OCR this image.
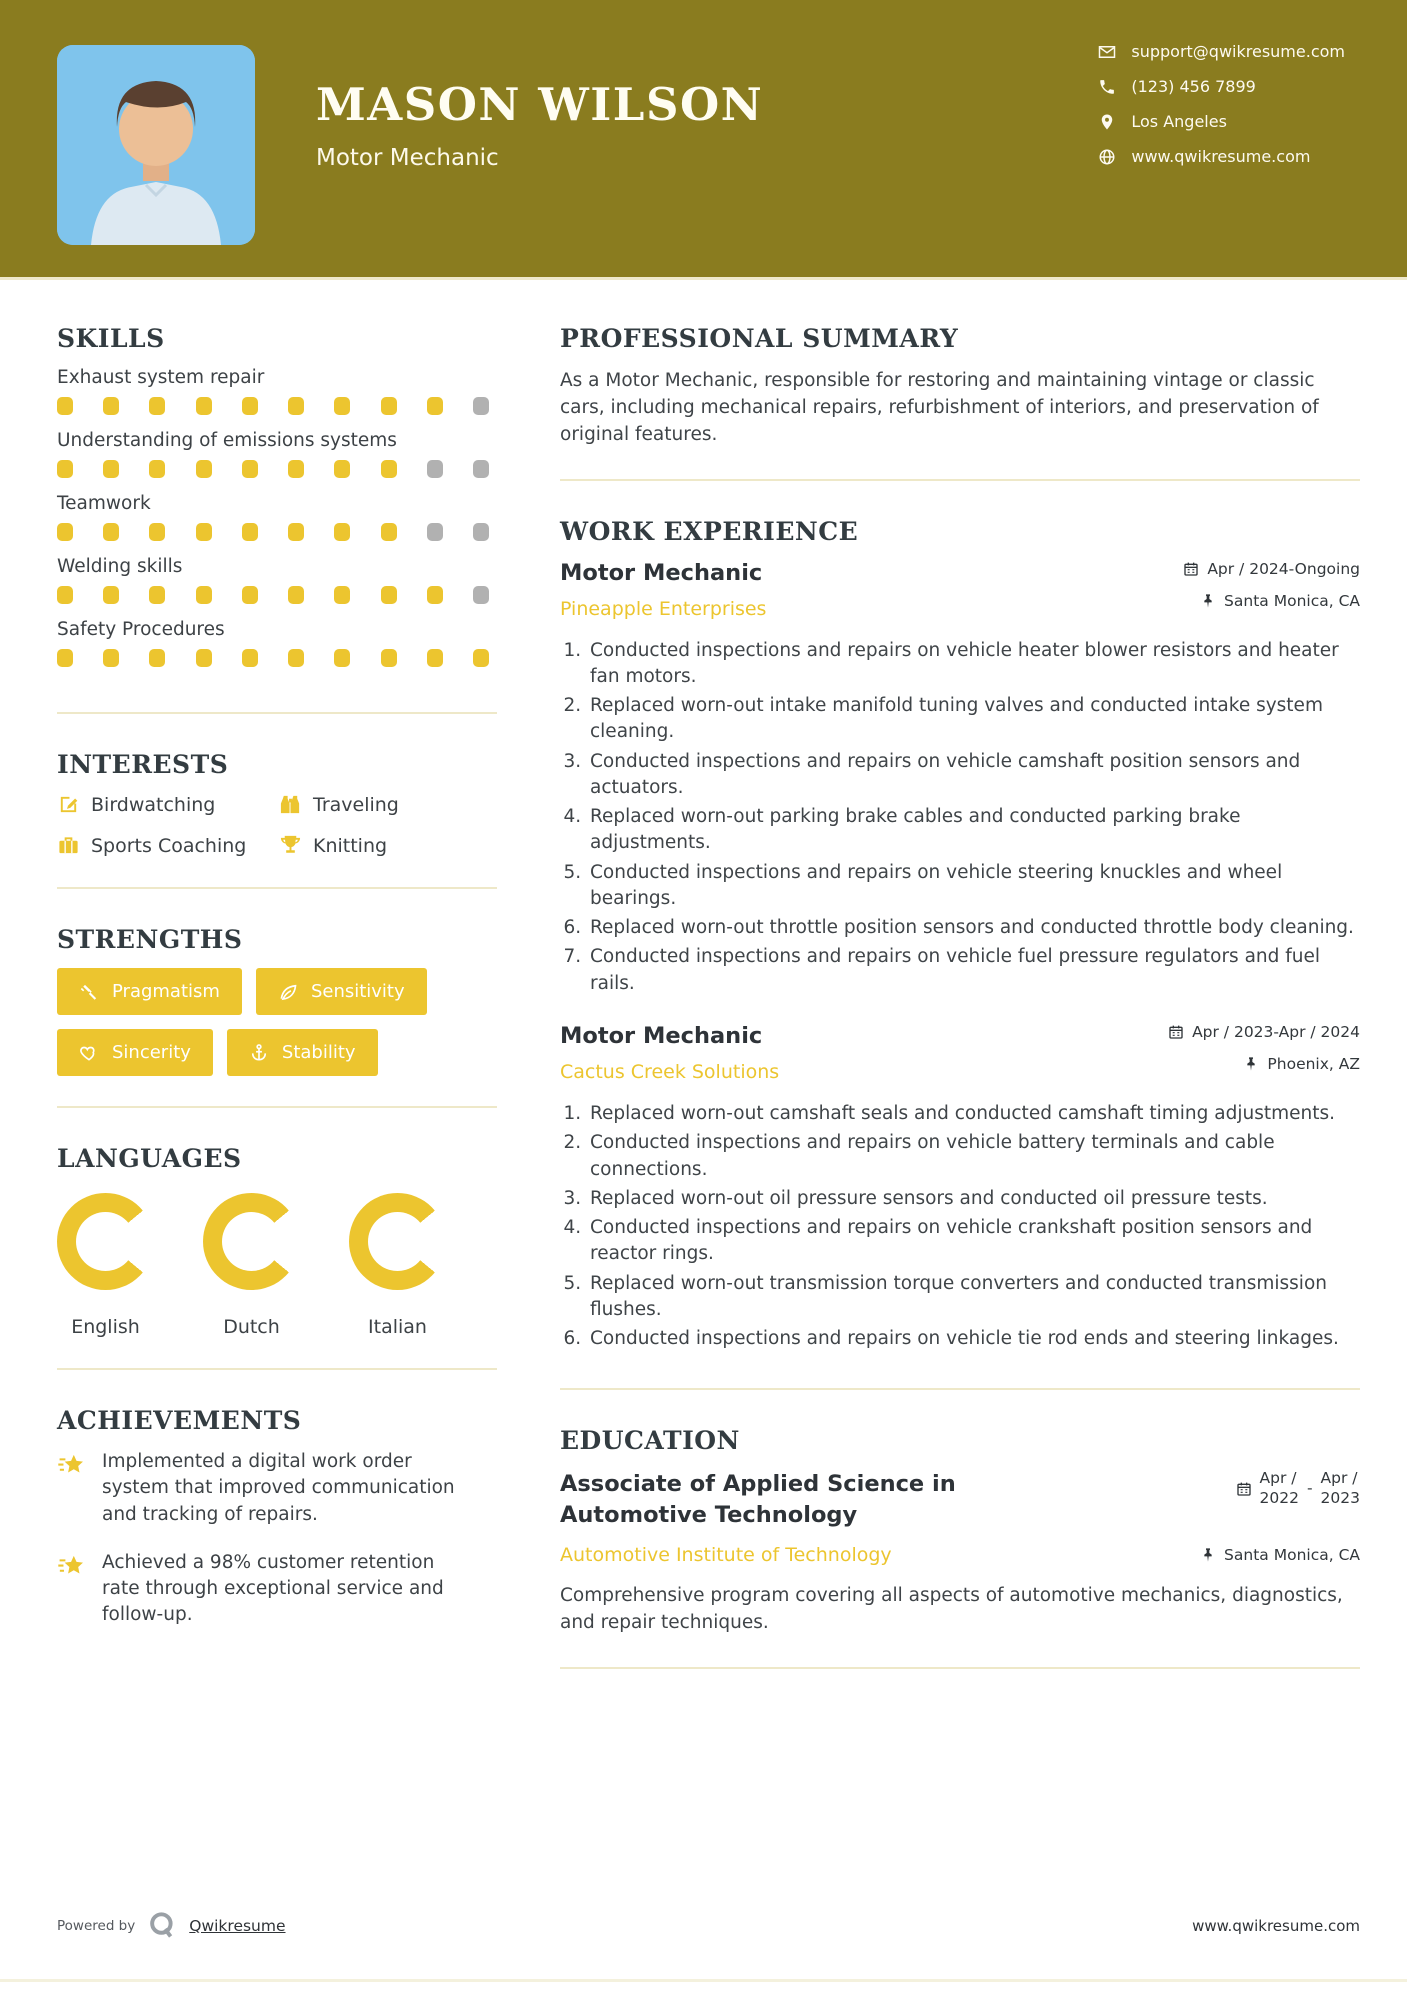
MASON WILSON
Motor Mechanic
support@qwikresume.com
(123) 456 7899
Los Angeles
www.qwikresume.com
SKILLS
Exhaust system repair
Understanding of emissions systems
Teamwork
Welding skills
Safety Procedures
INTERESTS
Birdwatching	Traveling
Sports Coaching	Knitting
STRENGTHS
Pragmatism	Sensitivity
Sincerity	Stability
LANGUAGES
English	Dutch	Italian
ACHIEVEMENTS

Implemented a digital work order system that improved communication and tracking of repairs.

Achieved a 98% customer retention rate through exceptional service and follow-up.

PROFESSIONAL SUMMARY

As a Motor Mechanic, responsible for restoring and maintaining vintage or classic cars, including mechanical repairs, refurbishment of interiors, and preservation of original features.

WORK EXPERIENCE
Motor Mechanic
Pineapple Enterprises
Apr / 2024-Ongoing
Santa Monica, CA
1. Conducted inspections and repairs on vehicle heater blower resistors and heater fan motors.
2. Replaced worn-out intake manifold tuning valves and conducted intake system cleaning.
3. Conducted inspections and repairs on vehicle camshaft position sensors and actuators.
4. Replaced worn-out parking brake cables and conducted parking brake adjustments.
5. Conducted inspections and repairs on vehicle steering knuckles and wheel bearings.
6. Replaced worn-out throttle position sensors and conducted throttle body cleaning.
7. Conducted inspections and repairs on vehicle fuel pressure regulators and fuel rails.
Motor Mechanic
Cactus Creek Solutions
Apr / 2023-Apr / 2024
Phoenix, AZ
1. Replaced worn-out camshaft seals and conducted camshaft timing adjustments.
2. Conducted inspections and repairs on vehicle battery terminals and cable connections.
3. Replaced worn-out oil pressure sensors and conducted oil pressure tests.
4. Conducted inspections and repairs on vehicle crankshaft position sensors and reactor rings.
5. Replaced worn-out transmission torque converters and conducted transmission flushes.
6. Conducted inspections and repairs on vehicle tie rod ends and steering linkages.
EDUCATION
Associate of Applied Science in Automotive Technology
Apr /
2022
-
Apr /
2023
Automotive Institute of Technology	Santa Monica, CA

Comprehensive program covering all aspects of automotive mechanics, diagnostics, and repair techniques.

Powered by	Qwikresume	www.qwikresume.com
